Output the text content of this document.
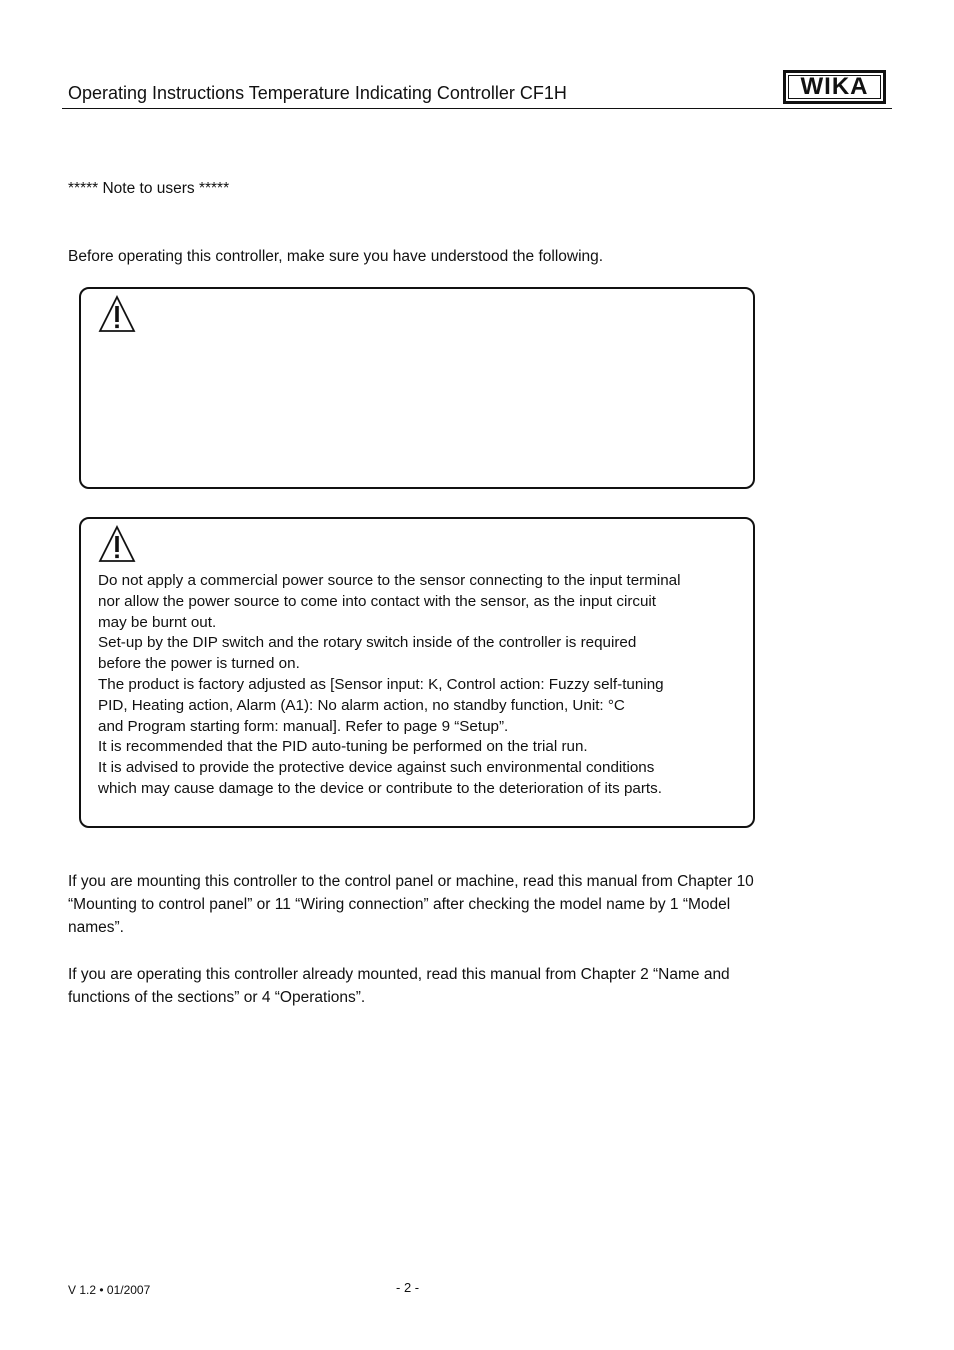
Operating Instructions Temperature Indicating Controller CF1H	WIKA
***** Note to users *****
Before operating this controller, make sure you have understood the following.

Do not apply a commercial power source to the sensor connecting to the input terminal

nor allow the power source to come into contact with the sensor, as the input circuit

may be burnt out.

Set-up by the DIP switch and the rotary switch inside of the controller is required

before the power is turned on.

The product is factory adjusted as [Sensor input: K, Control action: Fuzzy self-tuning

PID, Heating action, Alarm (A1): No alarm action, no standby function, Unit: °C

and Program starting form: manual]. Refer to page 9 “Setup”.

It is recommended that the PID auto-tuning be performed on the trial run.

It is advised to provide the protective device against such environmental conditions

which may cause damage to the device or contribute to the deterioration of its parts.

If you are mounting this controller to the control panel or machine, read this manual from Chapter 10 “Mounting to control panel” or 11 “Wiring connection” after checking the model name by 1 “Model names”.
If you are operating this controller already mounted, read this manual from Chapter 2 “Name and functions of the sections” or 4 “Operations”.
V 1.2 • 01/2007	- 2 -
